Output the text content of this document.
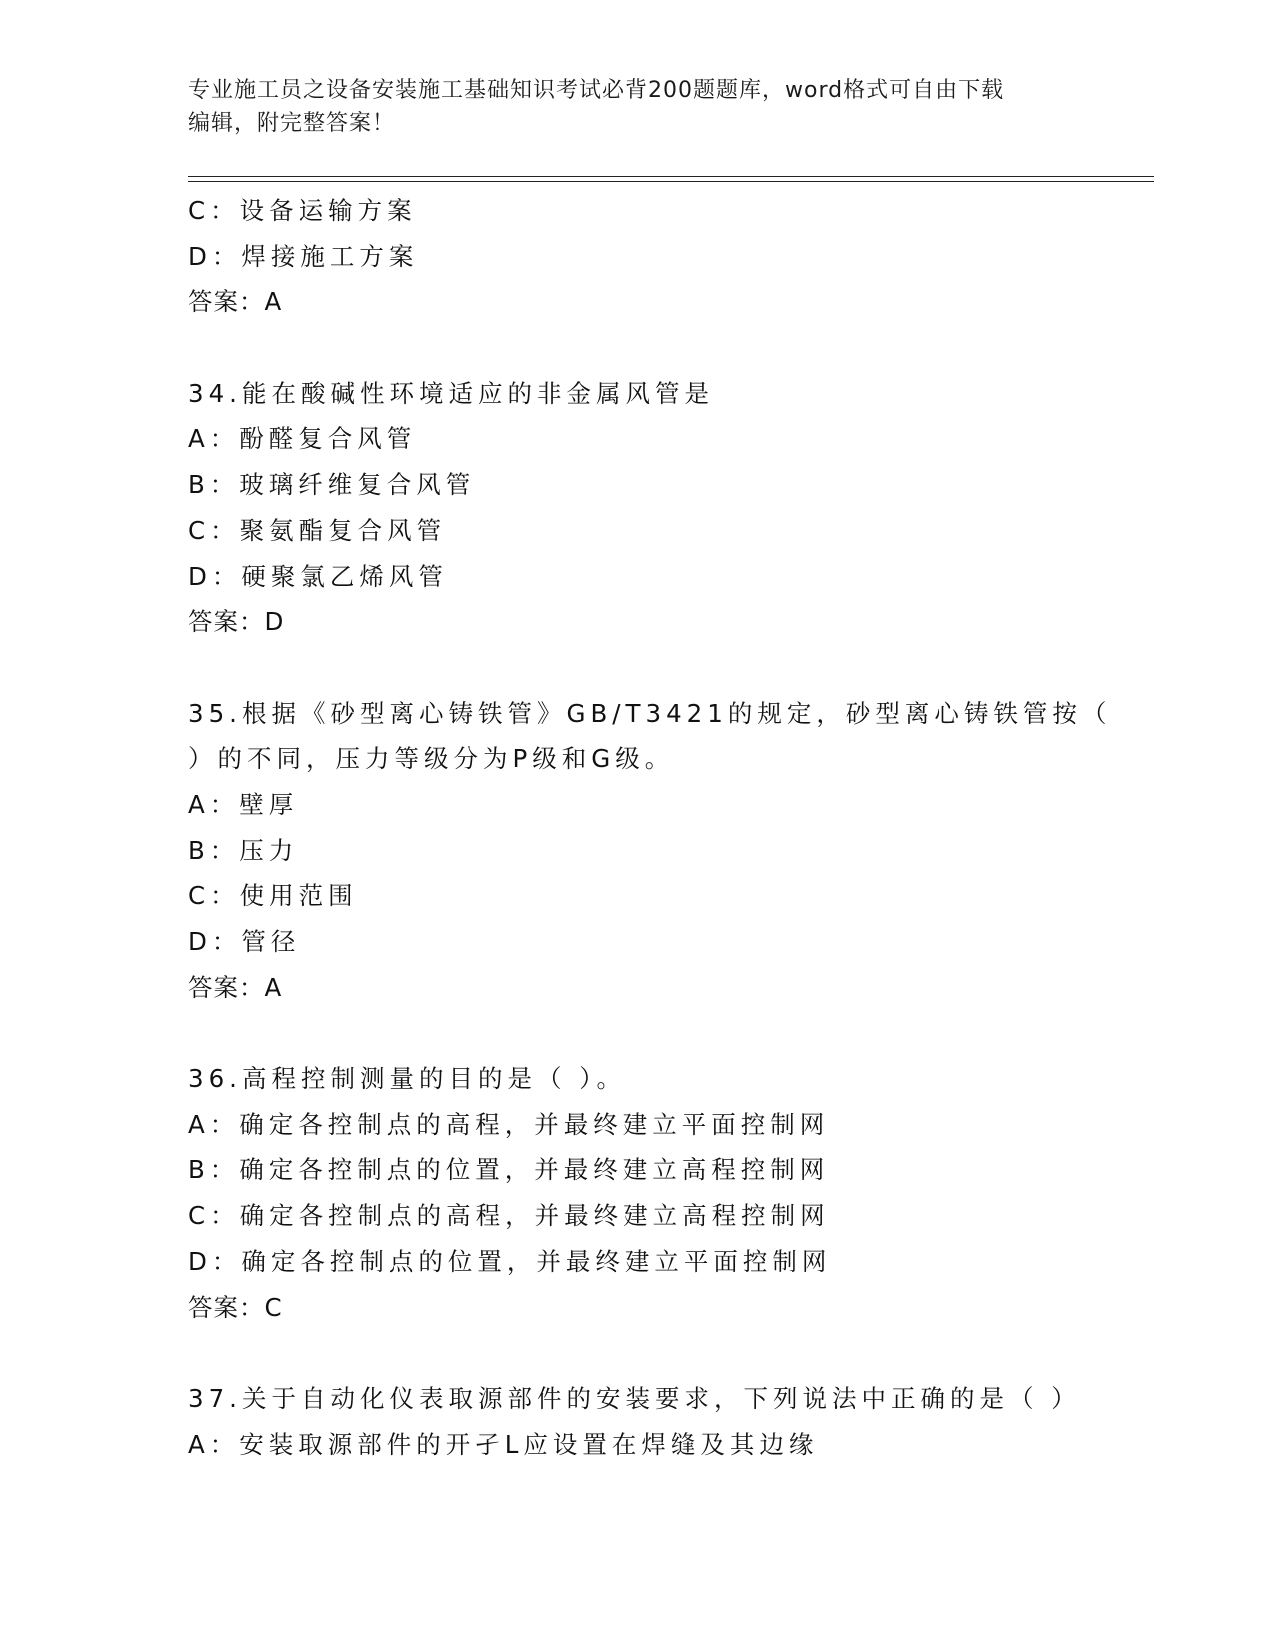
专业施工员之设备安装施工基础知识考试必背200题题库，word格式可自由下载
编辑，附完整答案！
C：设备运输方案
D：焊接施工方案
答案：A
34.能在酸碱性环境适应的非金属风管是
A：酚醛复合风管
B：玻璃纤维复合风管
C：聚氨酯复合风管
D：硬聚氯乙烯风管
答案：D
35.根据《砂型离心铸铁管》GB/T3421的规定，砂型离心铸铁管按（
）的不同，压力等级分为P级和G级。
A：壁厚
B：压力
C：使用范围
D：管径
答案：A
36.高程控制测量的目的是（ ）。
A：确定各控制点的高程，并最终建立平面控制网
B：确定各控制点的位置，并最终建立高程控制网
C：确定各控制点的高程，并最终建立高程控制网
D：确定各控制点的位置，并最终建立平面控制网
答案：C
37.关于自动化仪表取源部件的安装要求，下列说法中正确的是（ ）
A：安装取源部件的开孑L应设置在焊缝及其边缘
